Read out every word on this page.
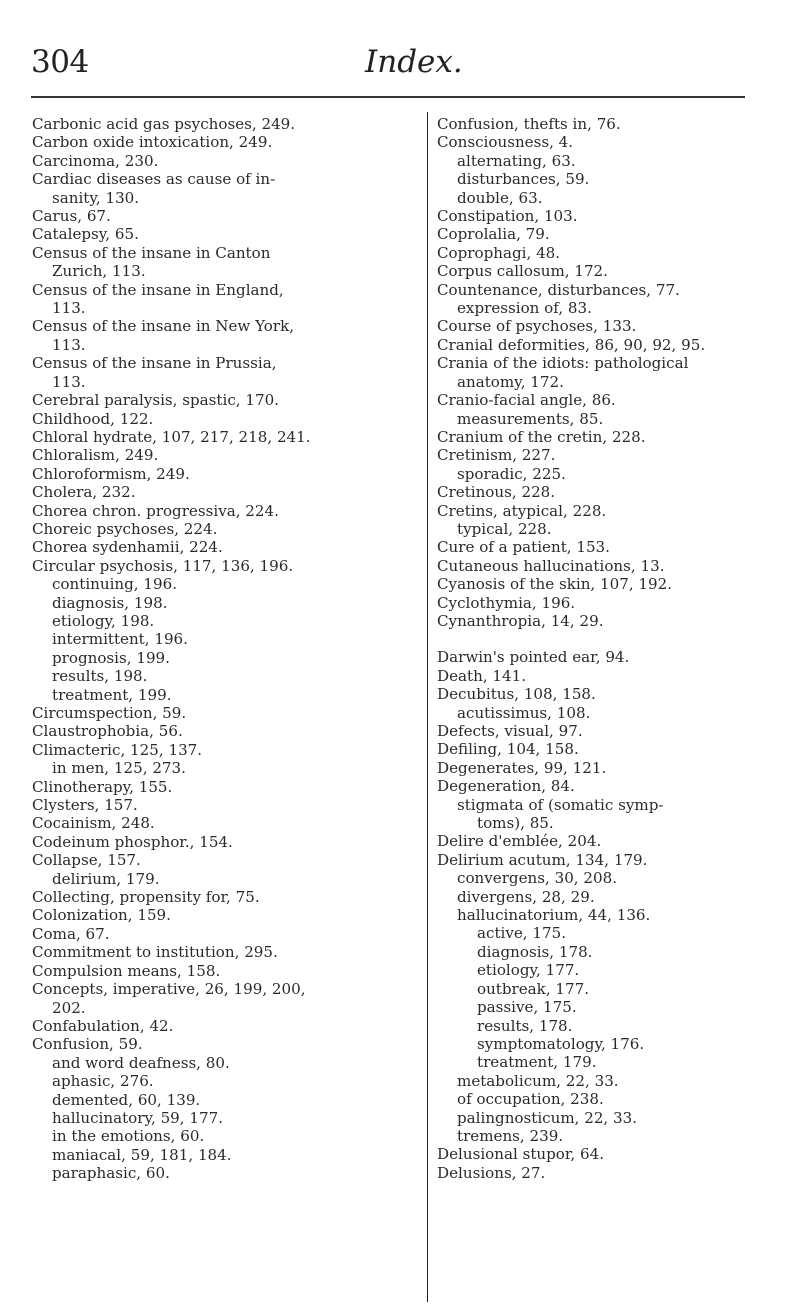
304	Index.
Carbonic acid gas psychoses, 249.
Carbon oxide intoxication, 249.
Carcinoma, 230.
Cardiac diseases as cause of in-
sanity, 130.
Carus, 67.
Catalepsy, 65.
Census of the insane in Canton
Zurich, 113.
Census of the insane in England,
113.
Census of the insane in New York,
113.
Census of the insane in Prussia,
113.
Cerebral paralysis, spastic, 170.
Childhood, 122.
Chloral hydrate, 107, 217, 218, 241.
Chloralism, 249.
Chloroformism, 249.
Cholera, 232.
Chorea chron. progressiva, 224.
Choreic psychoses, 224.
Chorea sydenhamii, 224.
Circular psychosis, 117, 136, 196.
continuing, 196.
diagnosis, 198.
etiology, 198.
intermittent, 196.
prognosis, 199.
results, 198.
treatment, 199.
Circumspection, 59.
Claustrophobia, 56.
Climacteric, 125, 137.
in men, 125, 273.
Clinotherapy, 155.
Clysters, 157.
Cocainism, 248.
Codeinum phosphor., 154.
Collapse, 157.
delirium, 179.
Collecting, propensity for, 75.
Colonization, 159.
Coma, 67.
Commitment to institution, 295.
Compulsion means, 158.
Concepts, imperative, 26, 199, 200,
202.
Confabulation, 42.
Confusion, 59.
and word deafness, 80.
aphasic, 276.
demented, 60, 139.
hallucinatory, 59, 177.
in the emotions, 60.
maniacal, 59, 181, 184.
paraphasic, 60.
Confusion, thefts in, 76.
Consciousness, 4.
alternating, 63.
disturbances, 59.
double, 63.
Constipation, 103.
Coprolalia, 79.
Coprophagi, 48.
Corpus callosum, 172.
Countenance, disturbances, 77.
expression of, 83.
Course of psychoses, 133.
Cranial deformities, 86, 90, 92, 95.
Crania of the idiots: pathological
anatomy, 172.
Cranio-facial angle, 86.
measurements, 85.
Cranium of the cretin, 228.
Cretinism, 227.
sporadic, 225.
Cretinous, 228.
Cretins, atypical, 228.
typical, 228.
Cure of a patient, 153.
Cutaneous hallucinations, 13.
Cyanosis of the skin, 107, 192.
Cyclothymia, 196.
Cynanthropia, 14, 29.
Darwin's pointed ear, 94.
Death, 141.
Decubitus, 108, 158.
acutissimus, 108.
Defects, visual, 97.
Defiling, 104, 158.
Degenerates, 99, 121.
Degeneration, 84.
stigmata of (somatic symp-
toms), 85.
Delire d'emblée, 204.
Delirium acutum, 134, 179.
convergens, 30, 208.
divergens, 28, 29.
hallucinatorium, 44, 136.
active, 175.
diagnosis, 178.
etiology, 177.
outbreak, 177.
passive, 175.
results, 178.
symptomatology, 176.
treatment, 179.
metabolicum, 22, 33.
of occupation, 238.
palingnosticum, 22, 33.
tremens, 239.
Delusional stupor, 64.
Delusions, 27.
